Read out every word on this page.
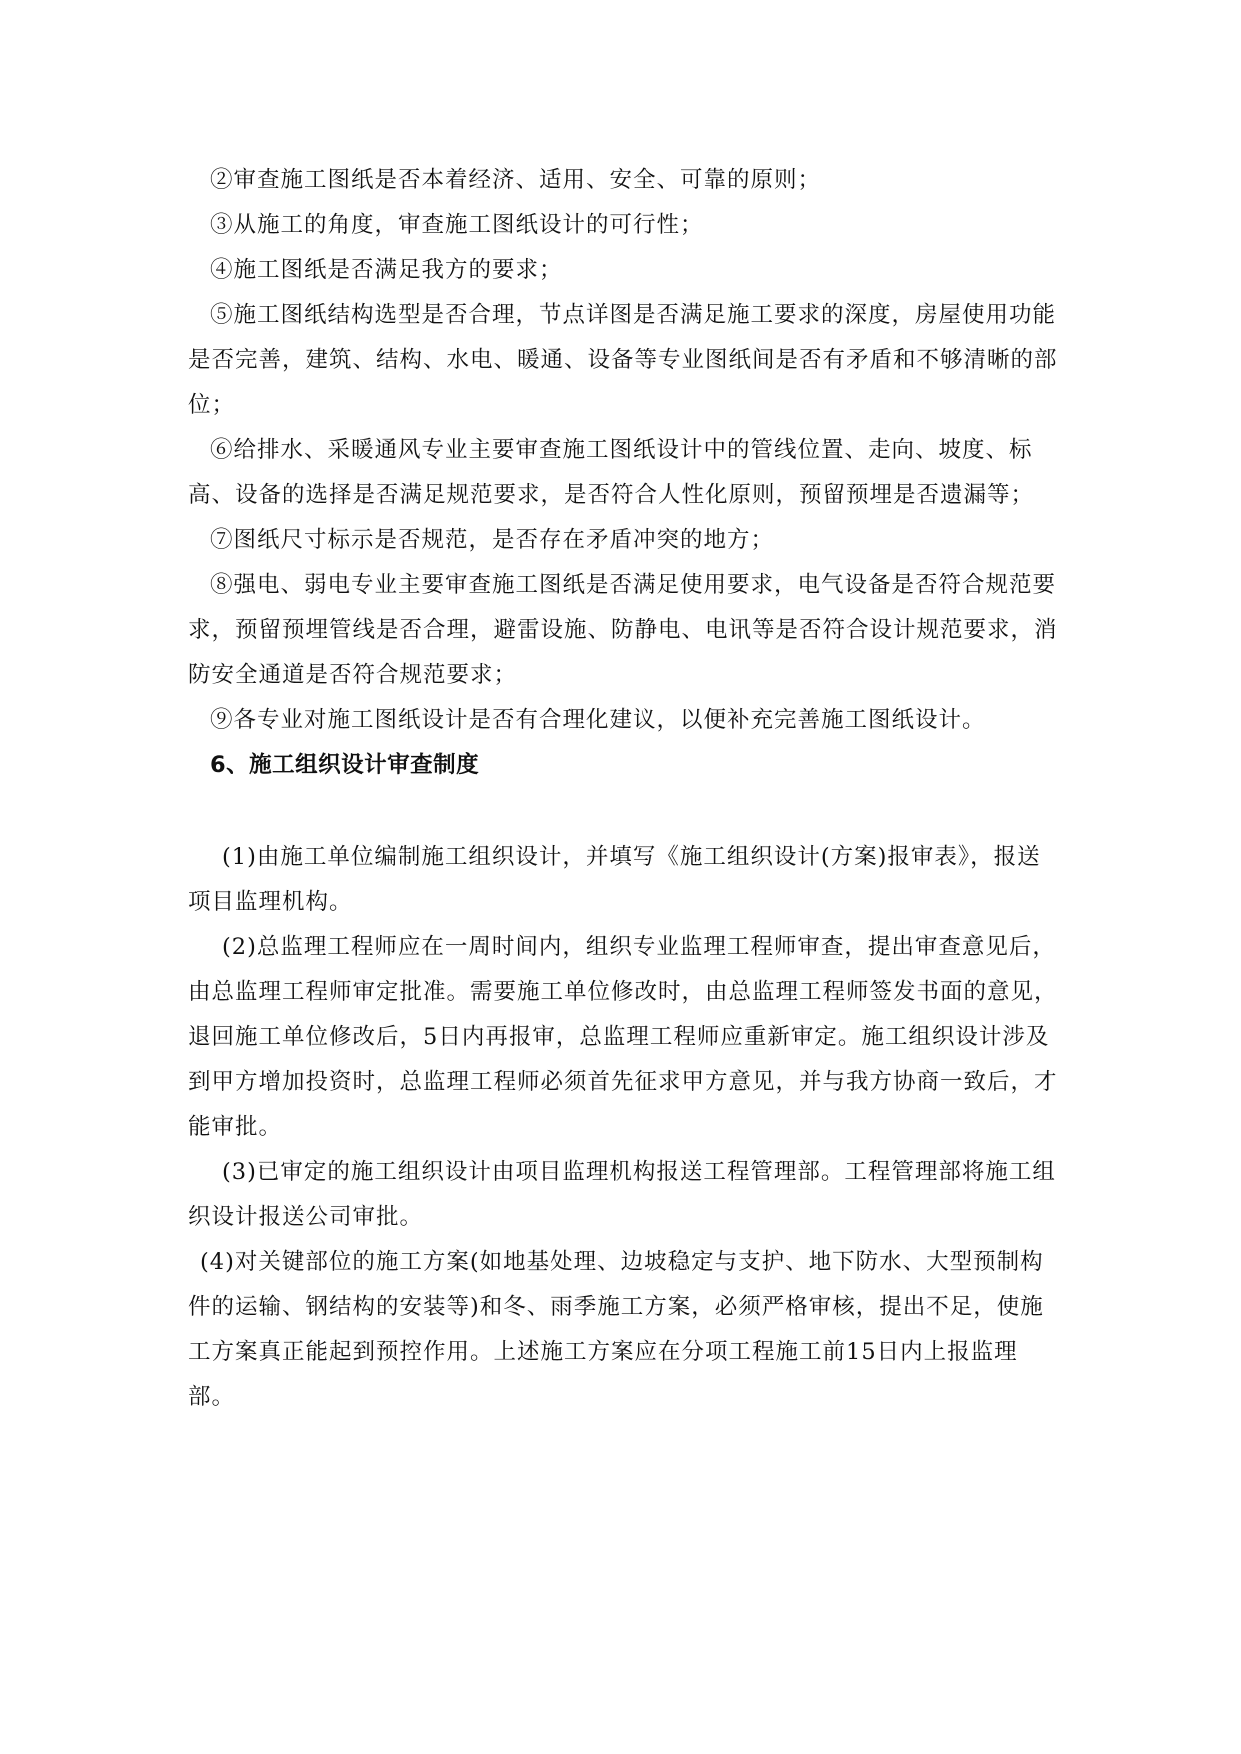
②审查施工图纸是否本着经济、适用、安全、可靠的原则；

③从施工的角度，审查施工图纸设计的可行性；

④施工图纸是否满足我方的要求；

⑤施工图纸结构选型是否合理，节点详图是否满足施工要求的深度，房屋使用功能是否完善，建筑、结构、水电、暖通、设备等专业图纸间是否有矛盾和不够清晰的部位；

⑥给排水、采暖通风专业主要审查施工图纸设计中的管线位置、走向、坡度、标高、设备的选择是否满足规范要求，是否符合人性化原则，预留预埋是否遗漏等；

⑦图纸尺寸标示是否规范，是否存在矛盾冲突的地方；

⑧强电、弱电专业主要审查施工图纸是否满足使用要求，电气设备是否符合规范要求，预留预埋管线是否合理，避雷设施、防静电、电讯等是否符合设计规范要求，消防安全通道是否符合规范要求；

⑨各专业对施工图纸设计是否有合理化建议，以便补充完善施工图纸设计。

6、施工组织设计审查制度

(1)由施工单位编制施工组织设计，并填写《施工组织设计(方案)报审表》，报送项目监理机构。

(2)总监理工程师应在一周时间内，组织专业监理工程师审查，提出审查意见后，由总监理工程师审定批准。需要施工单位修改时，由总监理工程师签发书面的意见，退回施工单位修改后，5日内再报审，总监理工程师应重新审定。施工组织设计涉及到甲方增加投资时，总监理工程师必须首先征求甲方意见，并与我方协商一致后，才能审批。

(3)已审定的施工组织设计由项目监理机构报送工程管理部。工程管理部将施工组织设计报送公司审批。

(4)对关键部位的施工方案(如地基处理、边坡稳定与支护、地下防水、大型预制构件的运输、钢结构的安装等)和冬、雨季施工方案，必须严格审核，提出不足，使施工方案真正能起到预控作用。上述施工方案应在分项工程施工前15日内上报监理部。
